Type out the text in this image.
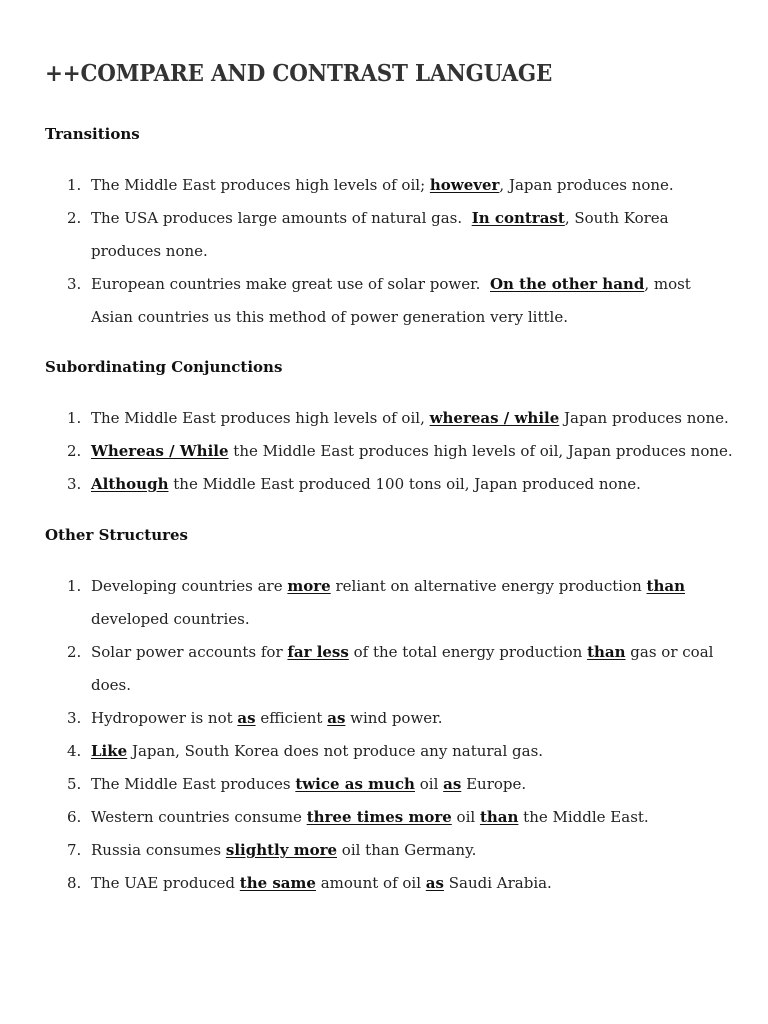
++COMPARE AND CONTRAST LANGUAGE
Transitions
1. The Middle East produces high levels of oil; however, Japan produces none.
2. The USA produces large amounts of natural gas.  In contrast, South Korea produces none.
3. European countries make great use of solar power.  On the other hand, most Asian countries us this method of power generation very little.
Subordinating Conjunctions
1. The Middle East produces high levels of oil, whereas / while Japan produces none.
2. Whereas / While the Middle East produces high levels of oil, Japan produces none.
3. Although the Middle East produced 100 tons oil, Japan produced none.
Other Structures
1. Developing countries are more reliant on alternative energy production than developed countries.
2. Solar power accounts for far less of the total energy production than gas or coal does.
3. Hydropower is not as efficient as wind power.
4. Like Japan, South Korea does not produce any natural gas.
5. The Middle East produces twice as much oil as Europe.
6. Western countries consume three times more oil than the Middle East.
7. Russia consumes slightly more oil than Germany.
8. The UAE produced the same amount of oil as Saudi Arabia.
